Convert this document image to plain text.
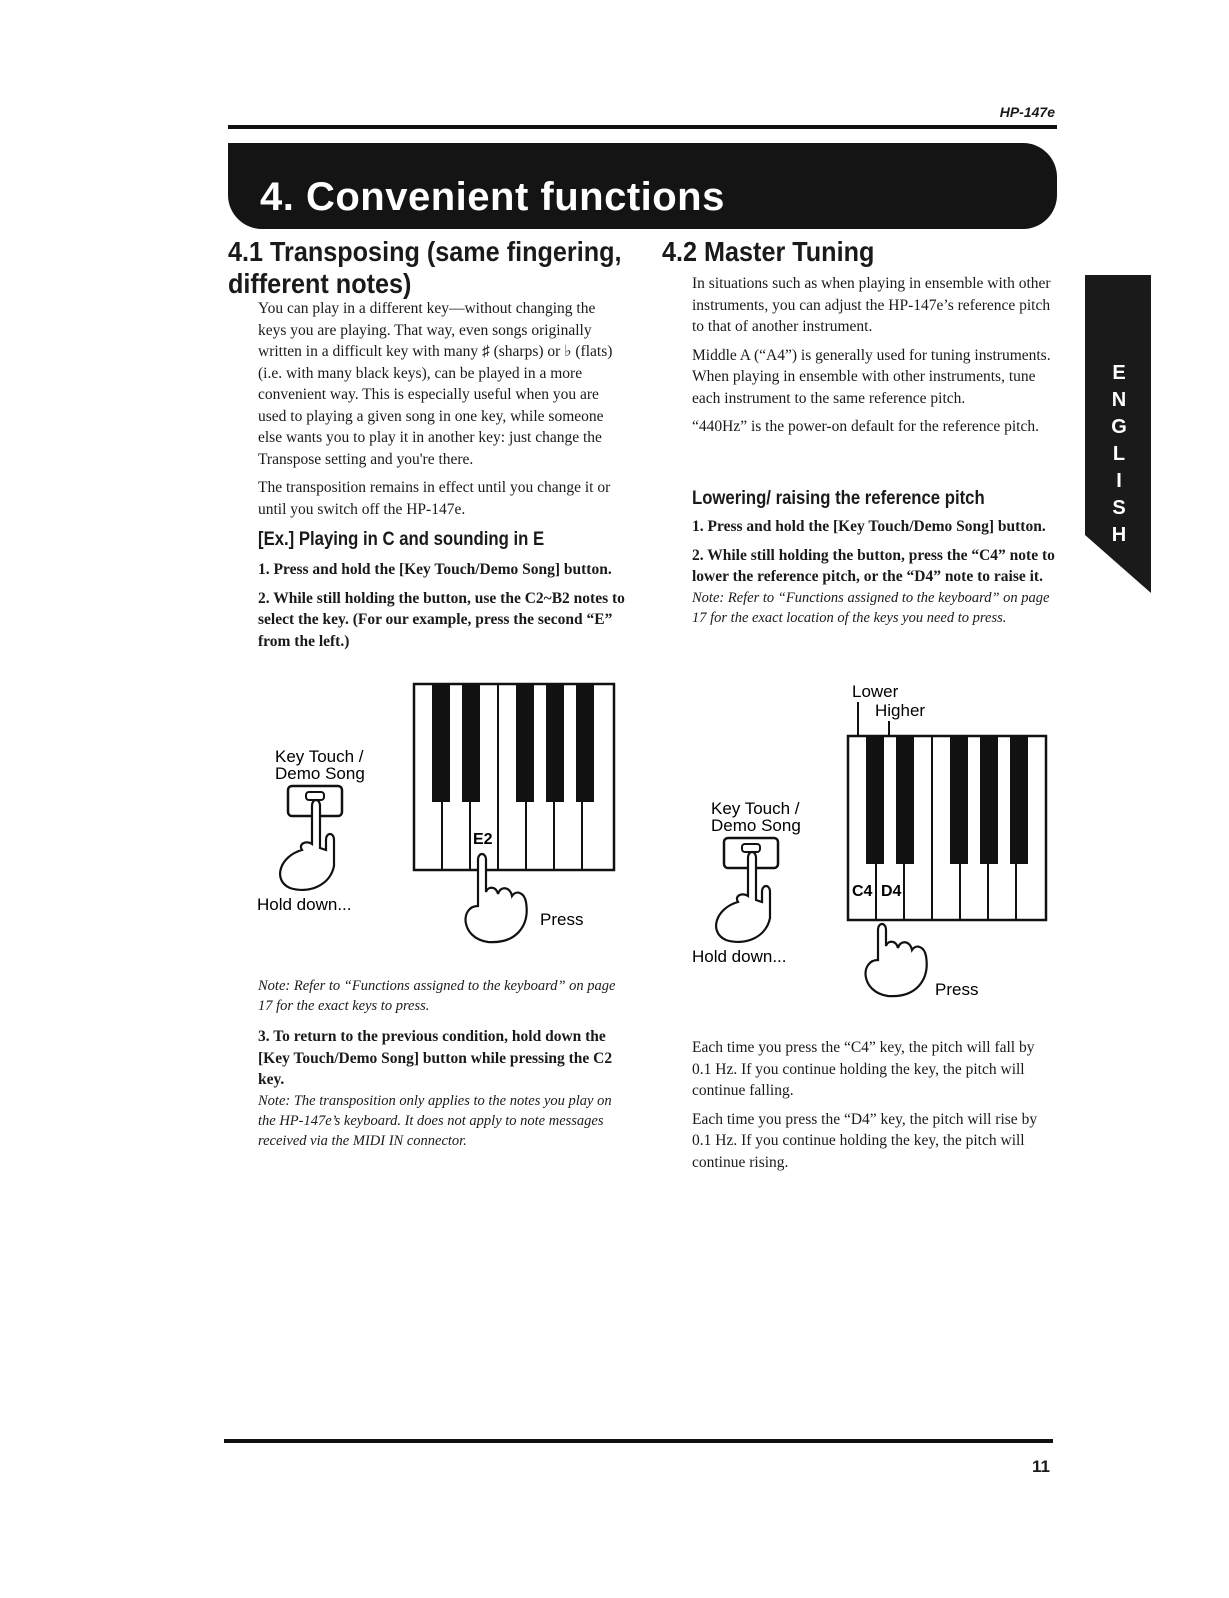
HP-147e
4. Convenient functions
E
N
G
L
I
S
H
4.1 Transposing (same fingering, different notes)

You can play in a different key—without changing the keys you are playing. That way, even songs originally written in a difficult key with many ♯ (sharps) or ♭ (flats) (i.e. with many black keys), can be played in a more convenient way. This is especially useful when you are used to playing a given song in one key, while someone else wants you to play it in another key: just change the Transpose setting and you're there.

The transposition remains in effect until you change it or until you switch off the HP-147e.

[Ex.] Playing in C and sounding in E

1. Press and hold the [Key Touch/Demo Song] button.

2. While still holding the button, use the C2~B2 notes to select the key. (For our example, press the second “E” from the left.)

Key Touch /
Demo Song
Hold down...
E2
Press

Note: Refer to “Functions assigned to the keyboard” on page 17 for the exact keys to press.

3. To return to the previous condition, hold down the [Key Touch/Demo Song] button while pressing the C2 key.

Note: The transposition only applies to the notes you play on the HP-147e’s keyboard. It does not apply to note messages received via the MIDI IN connector.

4.2 Master Tuning

In situations such as when playing in ensemble with other instruments, you can adjust the HP-147e’s reference pitch to that of another instrument.

Middle A (“A4”) is generally used for tuning instruments. When playing in ensemble with other instruments, tune each instrument to the same reference pitch.

“440Hz” is the power-on default for the reference pitch.

Lowering/ raising the reference pitch

1. Press and hold the [Key Touch/Demo Song] button.

2. While still holding the button, press the “C4” note to lower the reference pitch, or the “D4” note to raise it.

Note: Refer to “Functions assigned to the keyboard” on page 17 for the exact location of the keys you need to press.

Lower
Higher
Key Touch /
Demo Song
Hold down...
C4 D4
Press

Each time you press the “C4” key, the pitch will fall by 0.1 Hz. If you continue holding the key, the pitch will continue falling.

Each time you press the “D4” key, the pitch will rise by 0.1 Hz. If you continue holding the key, the pitch will continue rising.

11
